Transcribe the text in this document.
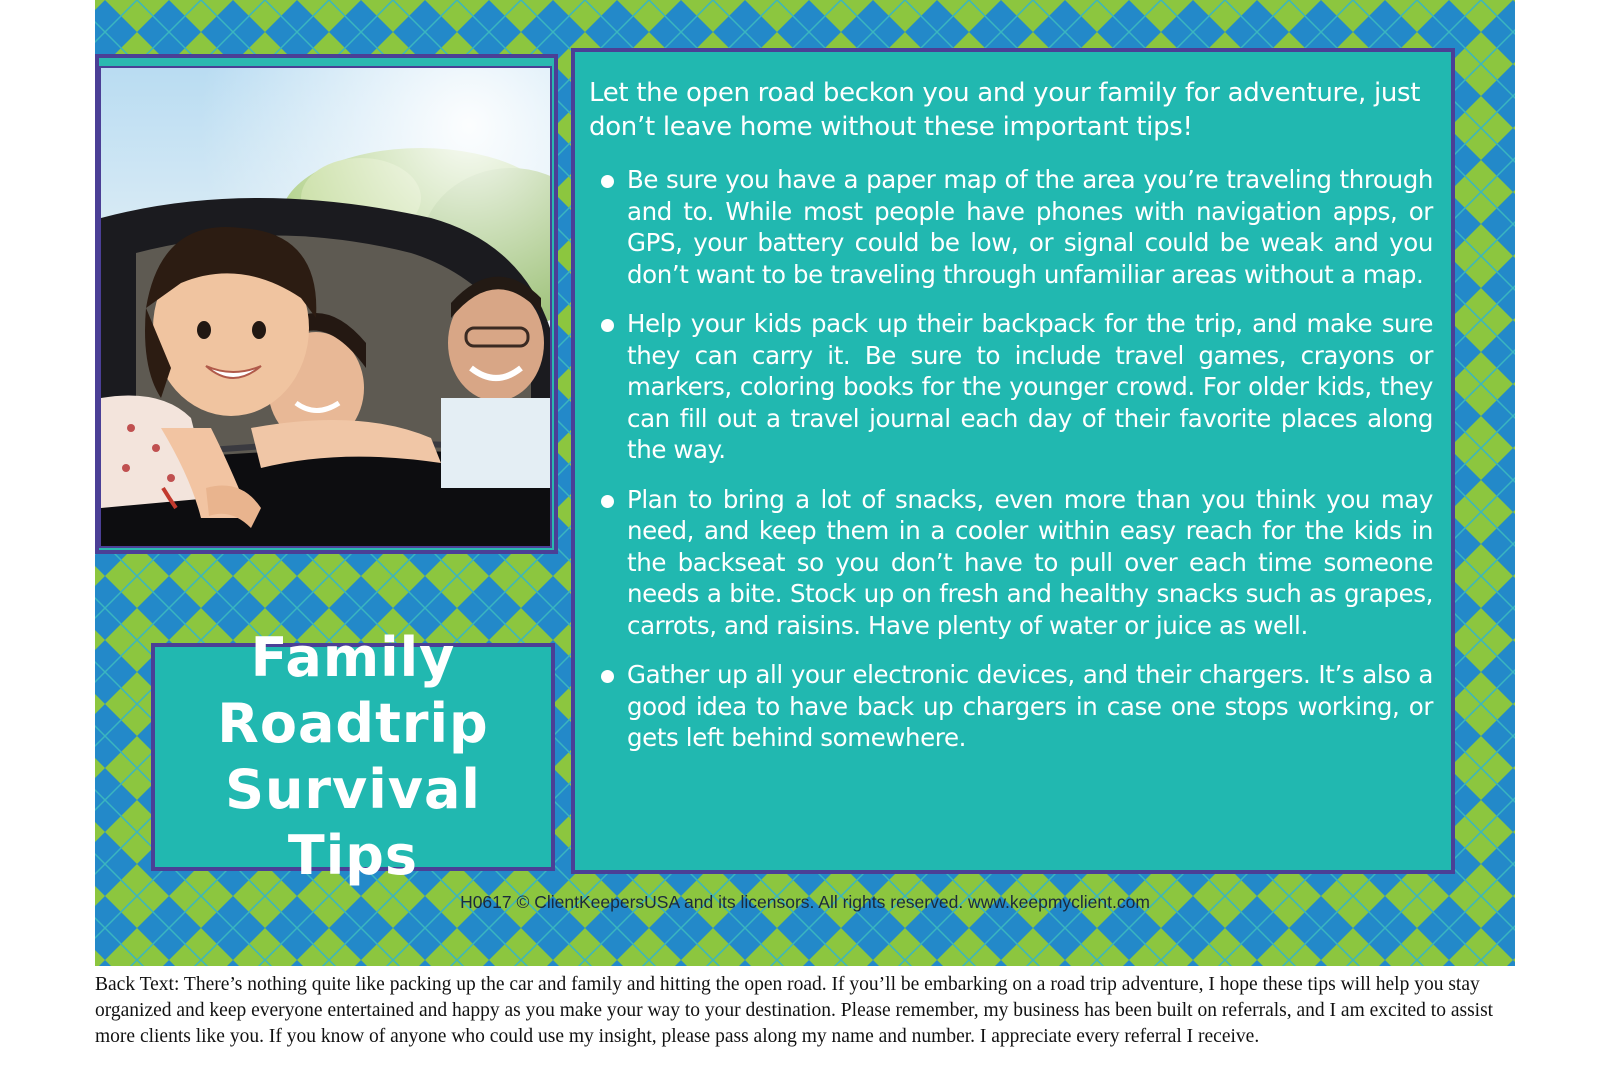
Family
Roadtrip
Survival Tips

Let the open road beckon you and your family for adventure, just don’t leave home without these important tips!

Be sure you have a paper map of the area you’re traveling through and to. While most people have phones with navigation apps, or GPS, your battery could be low, or signal could be weak and you don’t want to be traveling through unfamiliar areas without a map.
Help your kids pack up their backpack for the trip, and make sure they can carry it. Be sure to include travel games, crayons or markers, coloring books for the younger crowd. For older kids, they can fill out a travel journal each day of their favorite places along the way.
Plan to bring a lot of snacks, even more than you think you may need, and keep them in a cooler within easy reach for the kids in the backseat so you don’t have to pull over each time someone needs a bite. Stock up on fresh and healthy snacks such as grapes, carrots, and raisins. Have plenty of water or juice as well.
Gather up all your electronic devices, and their chargers. It’s also a good idea to have back up chargers in case one stops working, or gets left behind somewhere.
H0617 © ClientKeepersUSA and its licensors. All rights reserved. www.keepmyclient.com

Back Text: There’s nothing quite like packing up the car and family and hitting the open road. If you’ll be embarking on a road trip adventure, I hope these tips will help you stay organized and keep everyone entertained and happy as you make your way to your destination. Please remember, my business has been built on referrals, and I am excited to assist more clients like you. If you know of anyone who could use my insight, please pass along my name and number. I appreciate every referral I receive.
